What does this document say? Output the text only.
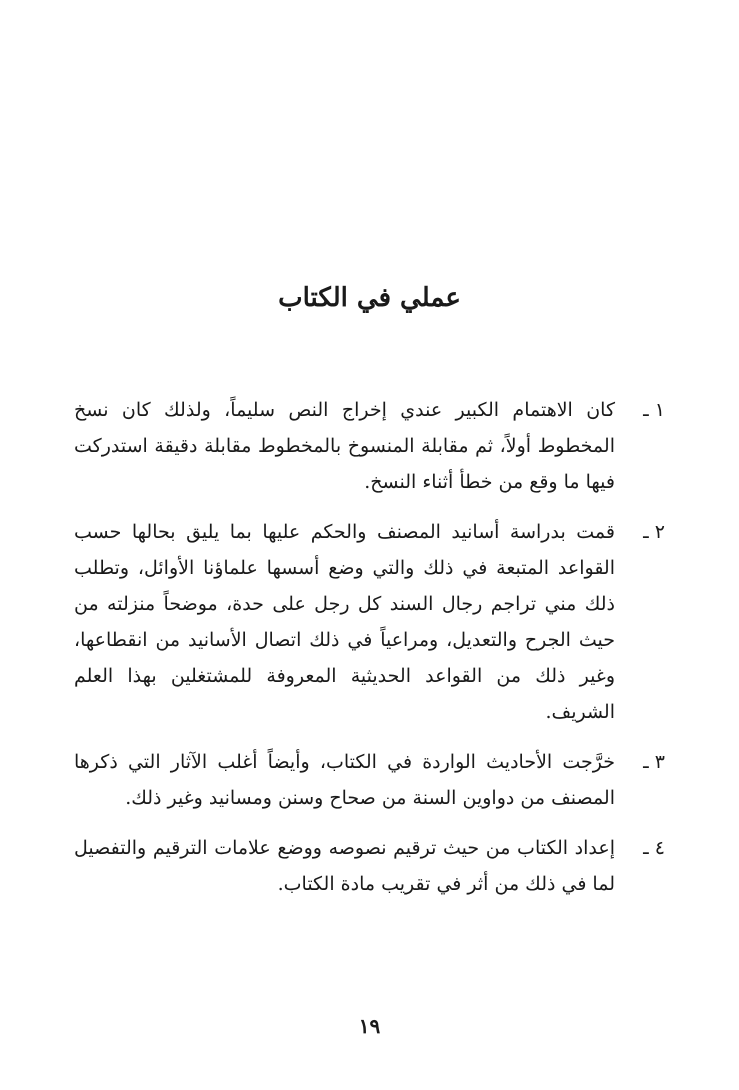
عملي في الكتاب
١ ـ
كان الاهتمام الكبير عندي إخراج النص سليماً، ولذلك كان نسخ المخطوط أولاً، ثم مقابلة المنسوخ بالمخطوط مقابلة دقيقة استدركت فيها ما وقع من خطأ أثناء النسخ.
٢ ـ
قمت بدراسة أسانيد المصنف والحكم عليها بما يليق بحالها حسب القواعد المتبعة في ذلك والتي وضع أسسها علماؤنا الأوائل، وتطلب ذلك مني تراجم رجال السند كل رجل على حدة، موضحاً منزلته من حيث الجرح والتعديل، ومراعياً في ذلك اتصال الأسانيد من انقطاعها، وغير ذلك من القواعد الحديثية المعروفة للمشتغلين بهذا العلم الشريف.
٣ ـ
خرَّجت الأحاديث الواردة في الكتاب، وأيضاً أغلب الآثار التي ذكرها المصنف من دواوين السنة من صحاح وسنن ومسانيد وغير ذلك.
٤ ـ
إعداد الكتاب من حيث ترقيم نصوصه ووضع علامات الترقيم والتفصيل لما في ذلك من أثر في تقريب مادة الكتاب.
١٩
